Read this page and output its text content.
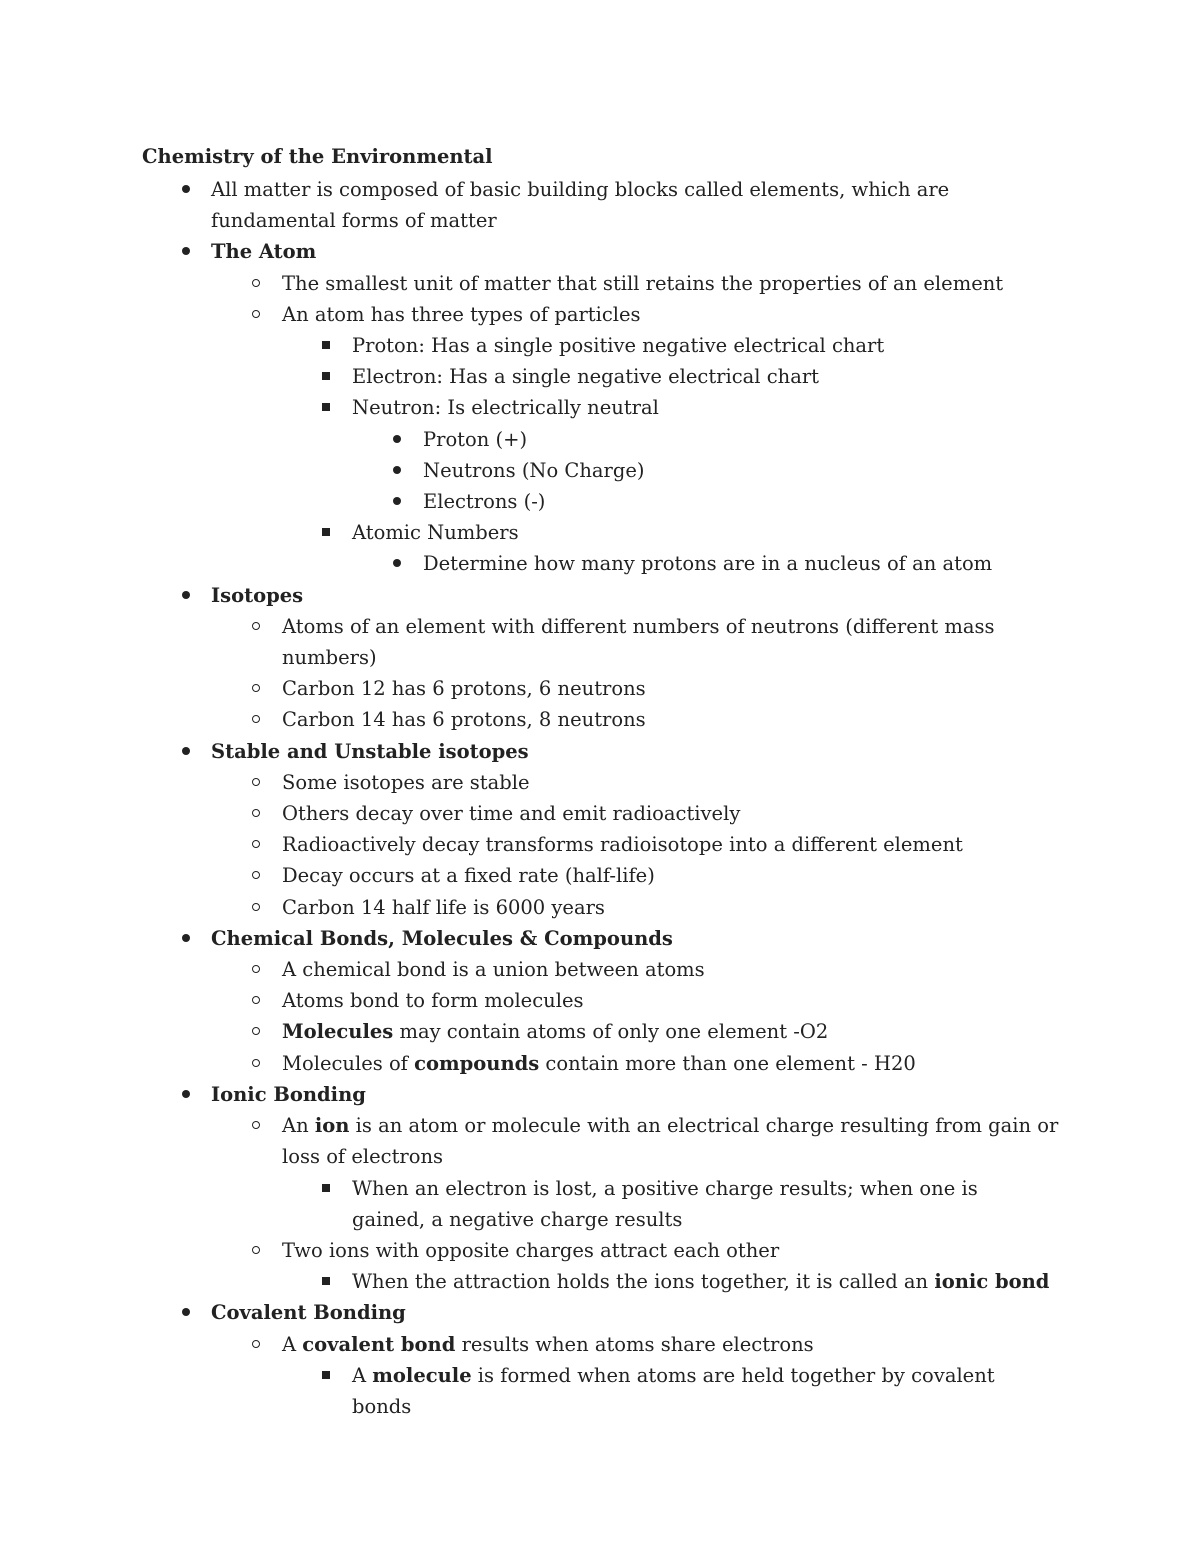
Chemistry of the Environmental
All matter is composed of basic building blocks called elements, which are fundamental forms of matter
The Atom
The smallest unit of matter that still retains the properties of an element
An atom has three types of particles
Proton: Has a single positive negative electrical chart
Electron: Has a single negative electrical chart
Neutron: Is electrically neutral
Proton (+)
Neutrons (No Charge)
Electrons (-)
Atomic Numbers
Determine how many protons are in a nucleus of an atom
Isotopes
Atoms of an element with different numbers of neutrons (different mass numbers)
Carbon 12 has 6 protons, 6 neutrons
Carbon 14 has 6 protons, 8 neutrons
Stable and Unstable isotopes
Some isotopes are stable
Others decay over time and emit radioactively
Radioactively decay transforms radioisotope into a different element
Decay occurs at a fixed rate (half-life)
Carbon 14 half life is 6000 years
Chemical Bonds, Molecules & Compounds
A chemical bond is a union between atoms
Atoms bond to form molecules
Molecules may contain atoms of only one element -O2
Molecules of compounds contain more than one element - H20
Ionic Bonding
An ion is an atom or molecule with an electrical charge resulting from gain or loss of electrons
When an electron is lost, a positive charge results; when one is gained, a negative charge results
Two ions with opposite charges attract each other
When the attraction holds the ions together, it is called an ionic bond
Covalent Bonding
A covalent bond results when atoms share electrons
A molecule is formed when atoms are held together by covalent bonds
